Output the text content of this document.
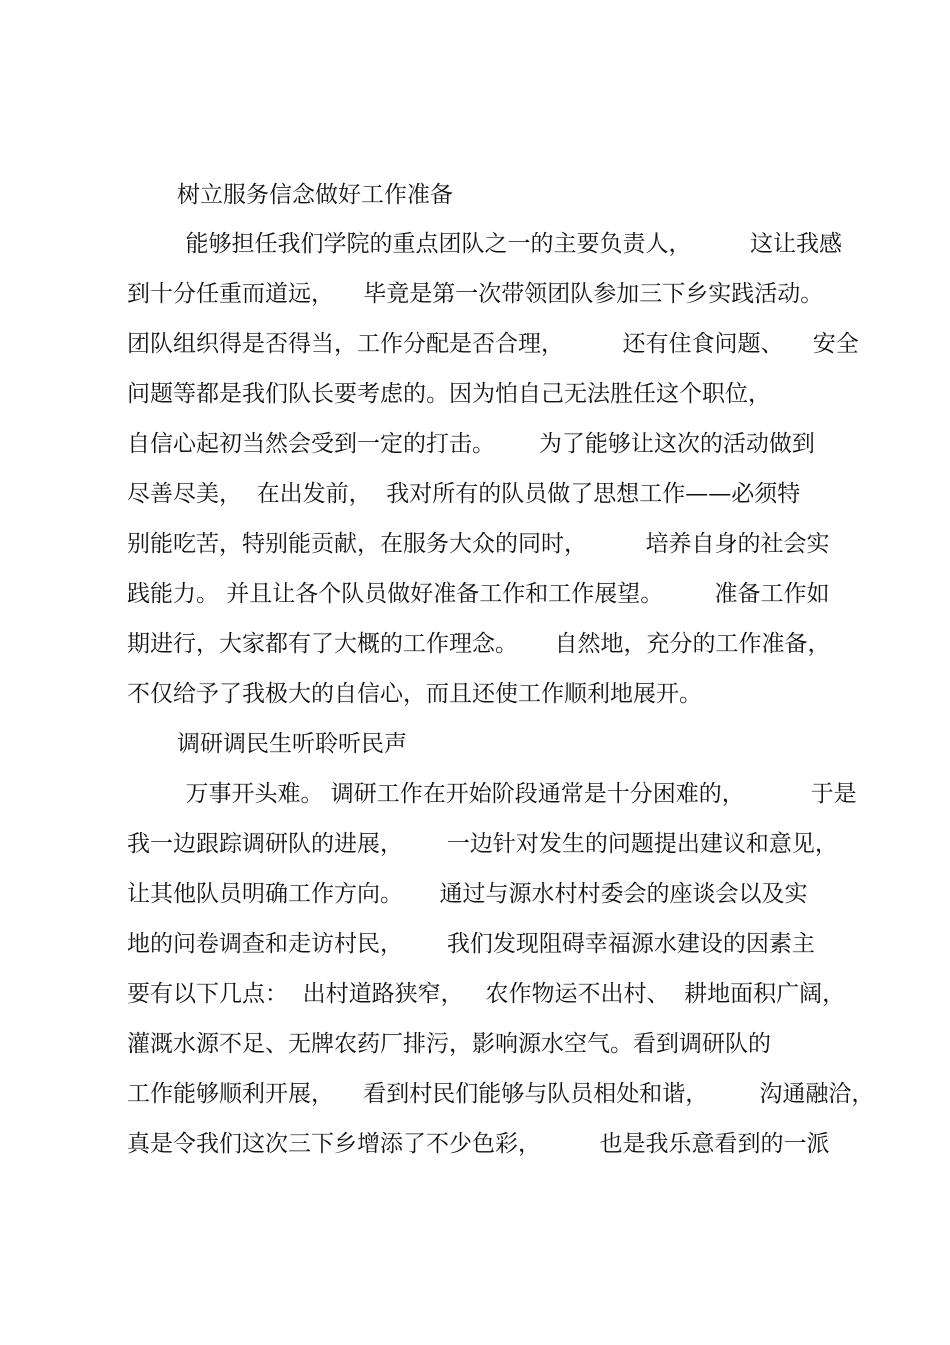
树立服务信念做好工作准备

能够担任我们学院的重点团队之一的主要负责人，        这让我感

到十分任重而道远，    毕竟是第一次带领团队参加三下乡实践活动。

团队组织得是否得当，工作分配是否合理，        还有住食问题、    安全

问题等都是我们队长要考虑的。因为怕自己无法胜任这个职位，

自信心起初当然会受到一定的打击。      为了能够让这次的活动做到

尽善尽美，  在出发前，  我对所有的队员做了思想工作——必须特

别能吃苦，特别能贡献，在服务大众的同时，        培养自身的社会实

践能力。 并且让各个队员做好准备工作和工作展望。       准备工作如

期进行，大家都有了大概的工作理念。     自然地，充分的工作准备，

不仅给予了我极大的自信心，而且还使工作顺利地展开。

调研调民生听聆听民声

万事开头难。 调研工作在开始阶段通常是十分困难的，         于是

我一边跟踪调研队的进展，      一边针对发生的问题提出建议和意见，

让其他队员明确工作方向。     通过与源水村村委会的座谈会以及实

地的问卷调查和走访村民，      我们发现阻碍幸福源水建设的因素主

要有以下几点：  出村道路狭窄，   农作物运不出村、  耕地面积广阔，

灌溉水源不足、无牌农药厂排污，影响源水空气。看到调研队的

工作能够顺利开展，    看到村民们能够与队员相处和谐，       沟通融洽，

真是令我们这次三下乡增添了不少色彩，        也是我乐意看到的一派
